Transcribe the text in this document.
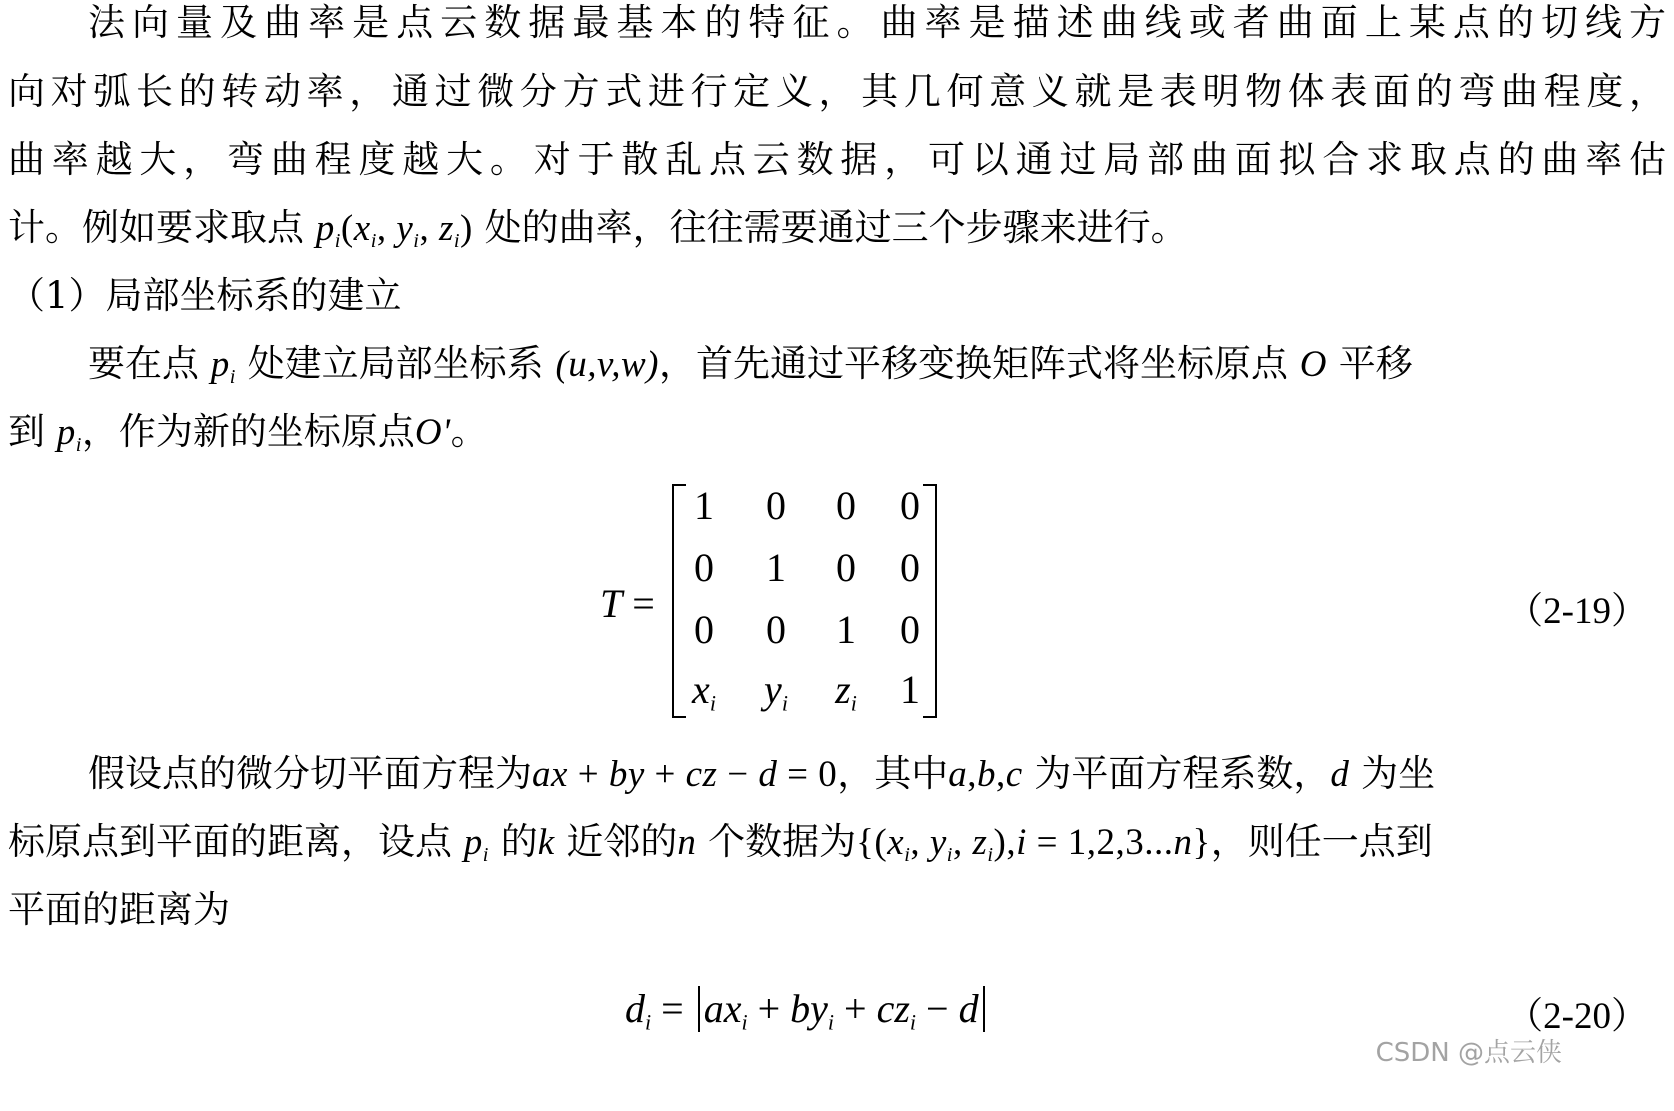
法向量及曲率是点云数据最基本的特征。曲率是描述曲线或者曲面上某点的切线方
向对弧长的转动率，通过微分方式进行定义，其几何意义就是表明物体表面的弯曲程度，
曲率越大，弯曲程度越大。对于散乱点云数据，可以通过局部曲面拟合求取点的曲率估
计。例如要求取点 $p_i(x_i$, $y_i$, $z_i$) 处的曲率，往往需要通过三个步骤来进行。
（1）局部坐标系的建立
要在点 $p_i$ 处建立局部坐标系 (u,v,w)，首先通过平移变换矩阵式将坐标原点 O 平移
到 $p_i$，作为新的坐标原点O'。
T =
1	0	0	0
0	1	0	0
0	0	1	0
$x_i$	$y_i$	$z_i$	1
（2-19）
假设点的微分切平面方程为ax + by + cz − d = 0，其中a,b,c 为平面方程系数，d 为坐
标原点到平面的距离，设点 $p_i$ 的k 近邻的n 个数据为{($x_i$, $y_i$, $z_i),i = 1,2,3...n$}，则任一点到
平面的距离为
$d_i = ax_i + by_i + cz_i - d$	（2-20）
CSDN @点云侠
